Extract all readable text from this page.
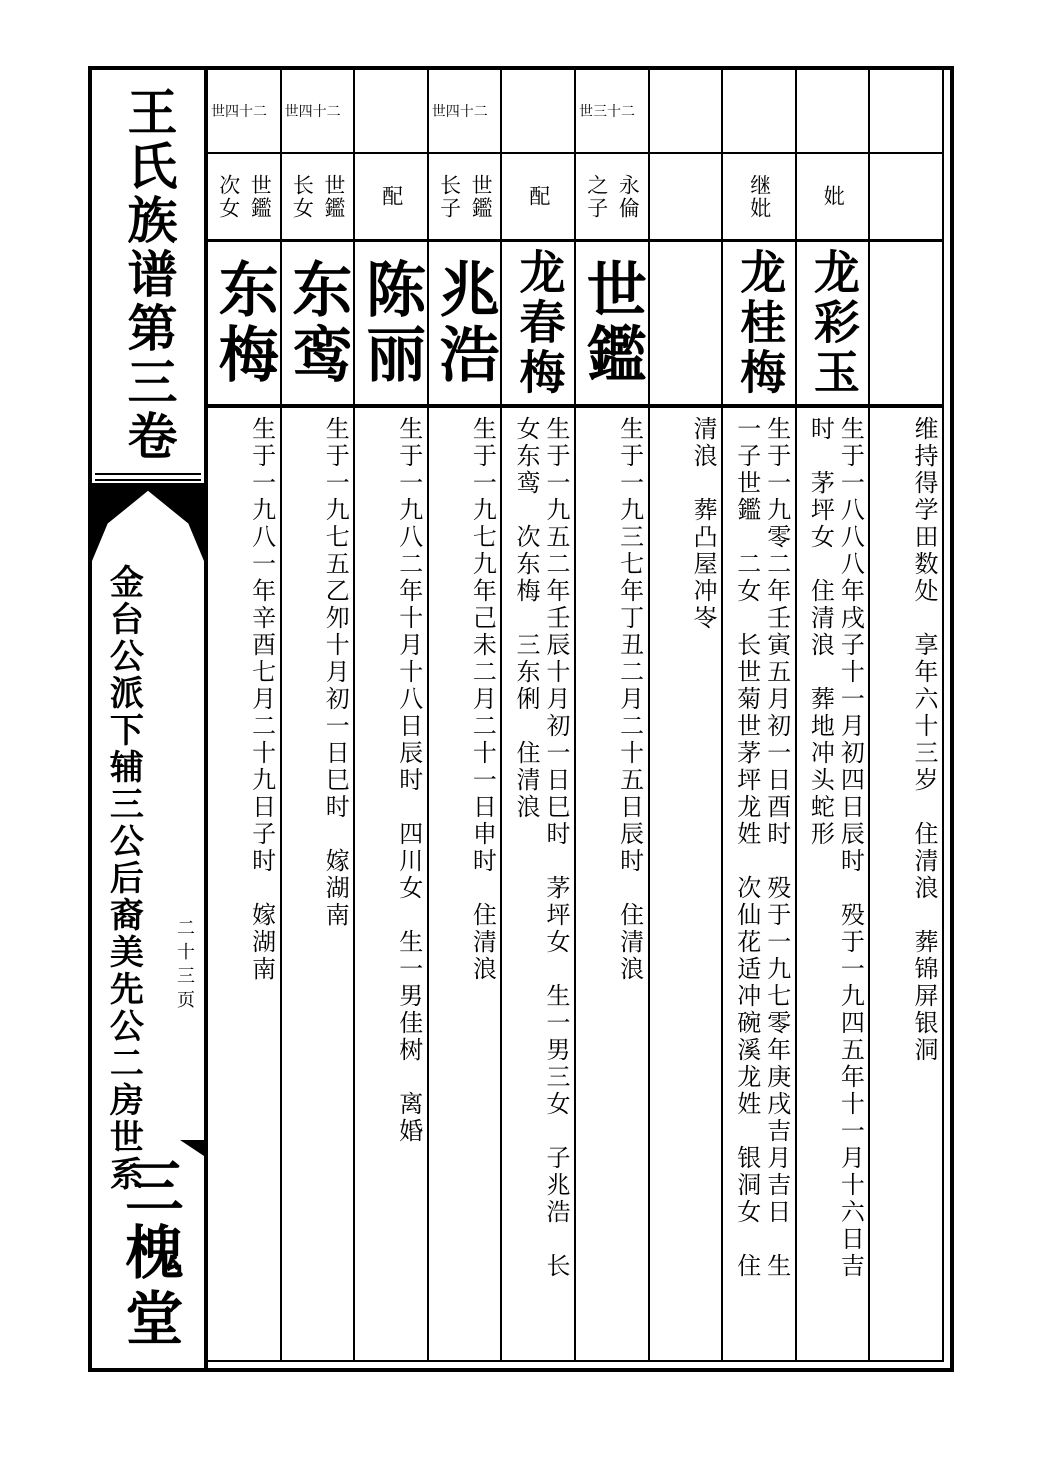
王氏族谱第三卷
金台公派下辅三公后裔美先公二房世系 二十三页
三槐堂
世四十二
世鑑
次女
东梅
生于一九八一年辛酉七月二十九日子时　嫁湖南
世四十二
世鑑
长女
东鸾
生于一九七五乙夘十月初一日巳时　嫁湖南
配
陈丽
生于一九八二年十月十八日辰时　四川女　生一男佳树　离婚
世四十二
世鑑
长子
兆浩
生于一九七九年己未二月二十一日申时　住清浪
配
龙春梅
生于一九五二年壬辰十月初一日巳时　茅坪女　生一男三女　子兆浩　长
女东鸾　次东梅　三东俐　住清浪
世三十二
永倫
之子
世鑑
生于一九三七年丁丑二月二十五日辰时　住清浪 清浪　葬凸屋冲岺
继妣
龙桂梅
生于一九零二年壬寅五月初一日酉时　殁于一九七零年庚戌吉月吉日　生
一子世鑑　二女　长世菊世茅坪龙姓　次仙花适冲碗溪龙姓　银洞女　住
妣
龙彩玉
生于一八八八年戌子十一月初四日辰时　殁于一九四五年十一月十六日吉
时　茅坪女　住清浪　葬地冲头蛇形	维持得学田数处　享年六十三岁　住清浪　葬锦屏银洞
